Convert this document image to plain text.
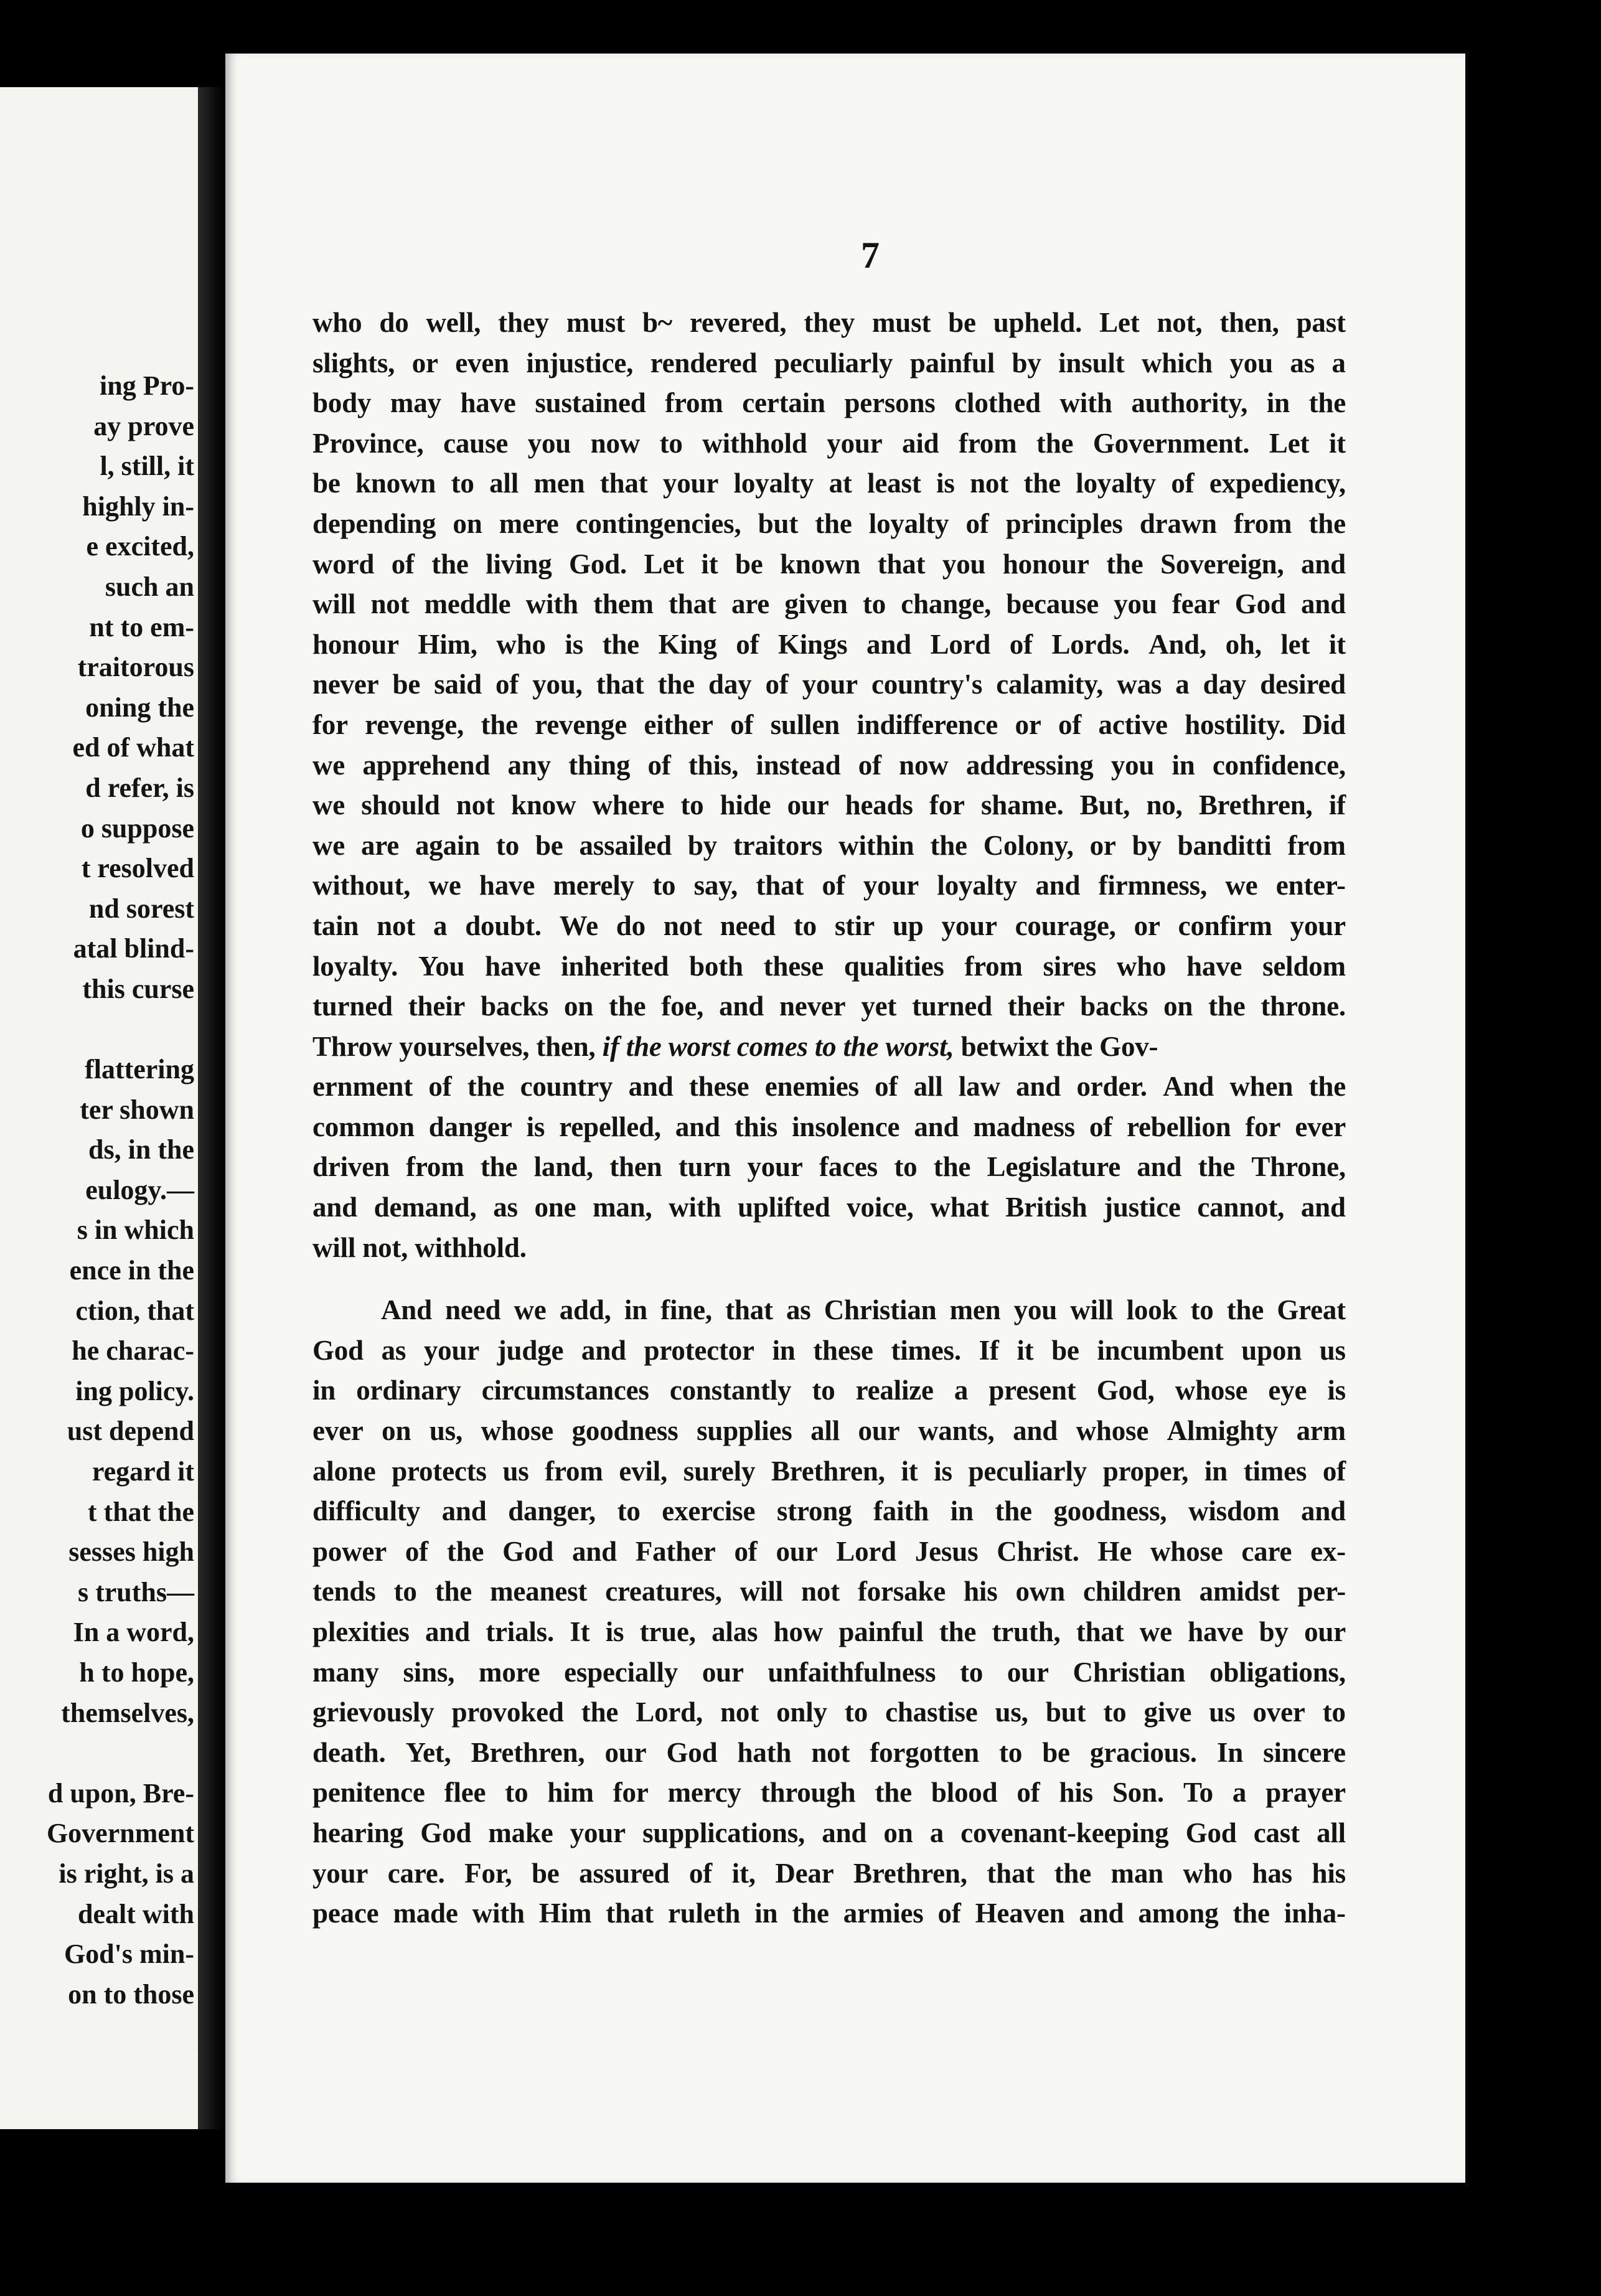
ing Pro-
ay prove
l, still, it
highly in-
e excited,
such an
nt to em-
traitorous
oning the
ed of what
d refer, is
o suppose
t resolved
nd sorest
atal blind-
this curse
flattering
ter shown
ds, in the
eulogy.—
s in which
ence in the
ction, that
he charac-
ing policy.
ust depend
regard it
t that the
sesses high
s truths—
In a word,
h to hope,
themselves,
d upon, Bre-
Government
is right, is a
dealt with
God's min-
on to those
7
who do well, they must b~ revered, they must be upheld. Let not, then, past
slights, or even injustice, rendered peculiarly painful by insult which you as a
body may have sustained from certain persons clothed with authority, in the
Province, cause you now to withhold your aid from the Government. Let it
be known to all men that your loyalty at least is not the loyalty of expediency,
depending on mere contingencies, but the loyalty of principles drawn from the
word of the living God. Let it be known that you honour the Sovereign, and
will not meddle with them that are given to change, because you fear God and
honour Him, who is the King of Kings and Lord of Lords. And, oh, let it
never be said of you, that the day of your country's calamity, was a day desired
for revenge, the revenge either of sullen indifference or of active hostility. Did
we apprehend any thing of this, instead of now addressing you in confidence,
we should not know where to hide our heads for shame. But, no, Brethren, if
we are again to be assailed by traitors within the Colony, or by banditti from
without, we have merely to say, that of your loyalty and firmness, we enter-
tain not a doubt. We do not need to stir up your courage, or confirm your
loyalty. You have inherited both these qualities from sires who have seldom
turned their backs on the foe, and never yet turned their backs on the throne.
Throw yourselves, then, if the worst comes to the worst, betwixt the Gov-
ernment of the country and these enemies of all law and order. And when the
common danger is repelled, and this insolence and madness of rebellion for ever
driven from the land, then turn your faces to the Legislature and the Throne,
and demand, as one man, with uplifted voice, what British justice cannot, and
will not, withhold.
And need we add, in fine, that as Christian men you will look to the Great
God as your judge and protector in these times. If it be incumbent upon us
in ordinary circumstances constantly to realize a present God, whose eye is
ever on us, whose goodness supplies all our wants, and whose Almighty arm
alone protects us from evil, surely Brethren, it is peculiarly proper, in times of
difficulty and danger, to exercise strong faith in the goodness, wisdom and
power of the God and Father of our Lord Jesus Christ. He whose care ex-
tends to the meanest creatures, will not forsake his own children amidst per-
plexities and trials. It is true, alas how painful the truth, that we have by our
many sins, more especially our unfaithfulness to our Christian obligations,
grievously provoked the Lord, not only to chastise us, but to give us over to
death. Yet, Brethren, our God hath not forgotten to be gracious. In sincere
penitence flee to him for mercy through the blood of his Son. To a prayer
hearing God make your supplications, and on a covenant-keeping God cast all
your care. For, be assured of it, Dear Brethren, that the man who has his
peace made with Him that ruleth in the armies of Heaven and among the inha-
